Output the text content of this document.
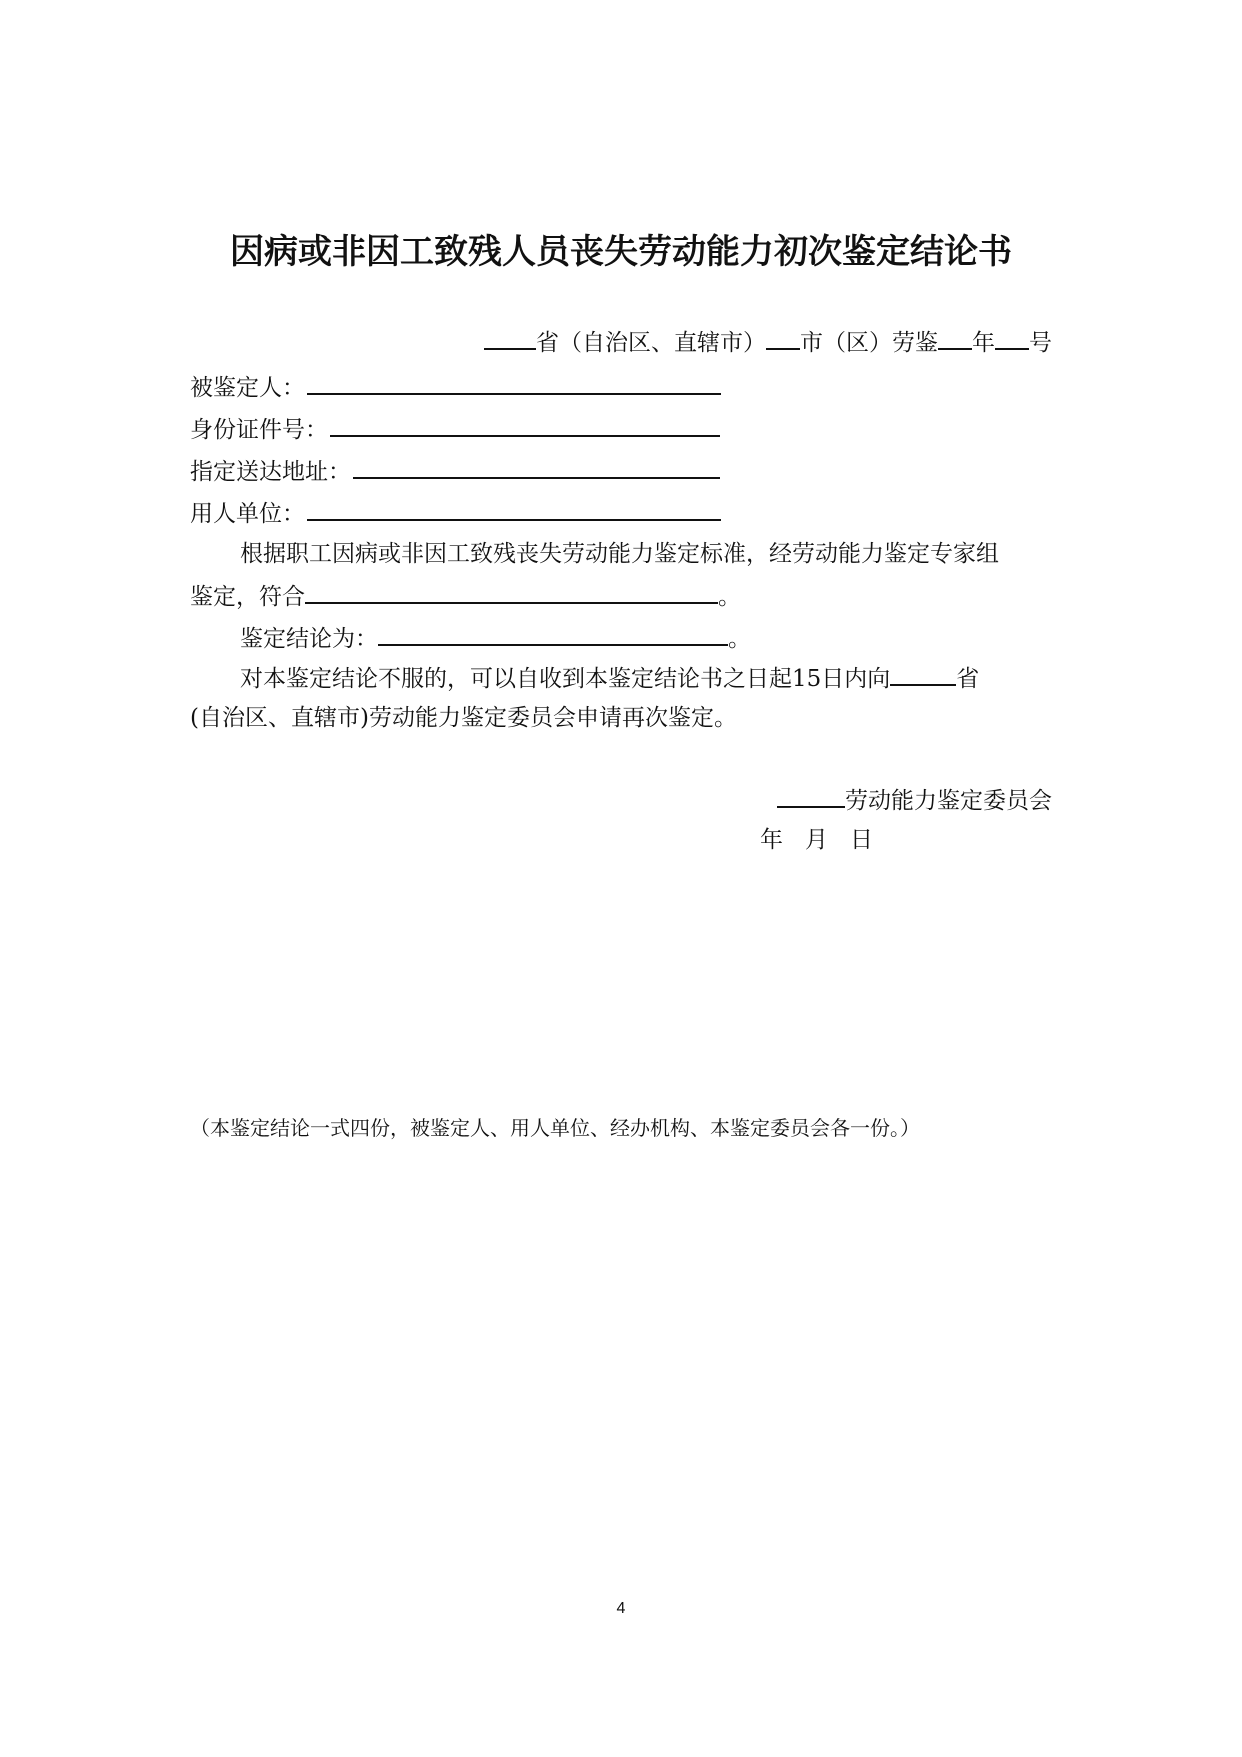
因病或非因工致残人员丧失劳动能力初次鉴定结论书
省（自治区、直辖市） 市（区）劳鉴 年 号
被鉴定人：
身份证件号：
指定送达地址：
用人单位：
根据职工因病或非因工致残丧失劳动能力鉴定标准，经劳动能力鉴定专家组
鉴定，符合	。
鉴定结论为：	。
对本鉴定结论不服的，可以自收到本鉴定结论书之日起15日内向	省
(自治区、直辖市)劳动能力鉴定委员会申请再次鉴定。
劳动能力鉴定委员会
年 月 日
（本鉴定结论一式四份，被鉴定人、用人单位、经办机构、本鉴定委员会各一份。）
4
